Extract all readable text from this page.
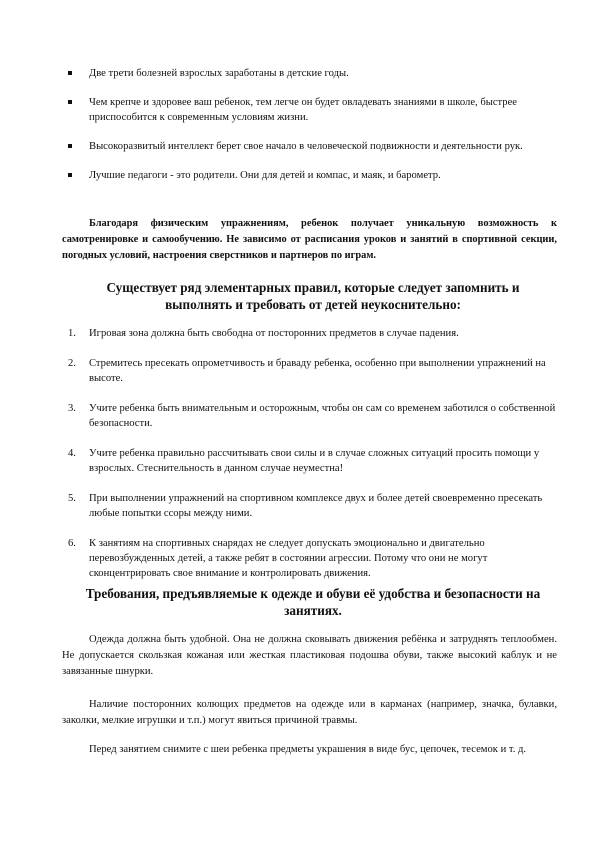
Две трети болезней взрослых заработаны в детские годы.
Чем крепче и здоровее ваш ребенок, тем легче он будет овладевать знаниями в школе, быстрее приспособится к современным условиям жизни.
Высокоразвитый интеллект берет свое начало в человеческой подвижности и деятельности рук.
Лучшие педагоги - это родители. Они для детей и компас, и маяк, и барометр.

Благодаря физическим упражнениям, ребенок получает уникальную возможность к самотренировке и самообучению. Не зависимо от расписания уроков и занятий в спортивной секции, погодных условий, настроения сверстников и партнеров по играм.

Существует ряд элементарных правил, которые следует запомнить и выполнять и требовать от детей неукоснительно:
1. Игровая зона должна быть свободна от посторонних предметов в случае падения.
2. Стремитесь пресекать опрометчивость и браваду ребенка, особенно при выполнении упражнений на высоте.
3. Учите ребенка быть внимательным и осторожным, чтобы он сам со временем заботился о собственной безопасности.
4. Учите ребенка правильно рассчитывать свои силы и в случае сложных ситуаций просить помощи у взрослых. Стеснительность в данном случае неуместна!
5. При выполнении упражнений на спортивном комплексе двух и более детей своевременно пресекать любые попытки ссоры между ними.
6. К занятиям на спортивных снарядах не следует допускать эмоционально и двигательно перевозбужденных детей, а также ребят в состоянии агрессии. Потому что они не могут сконцентрировать свое внимание и контролировать движения.
Требования, предъявляемые к одежде и обуви её удобства и безопасности на занятиях.

Одежда должна быть удобной. Она не должна сковывать движения ребёнка и затруднять теплообмен. Не допускается скользкая кожаная или жесткая пластиковая подошва обуви, также высокий каблук и не завязанные шнурки.

Наличие посторонних колющих предметов на одежде или в карманах (например, значка, булавки, заколки, мелкие игрушки и т.п.) могут явиться причиной травмы.

Перед занятием снимите с шеи ребенка предметы украшения в виде бус, цепочек, тесемок и т. д.
